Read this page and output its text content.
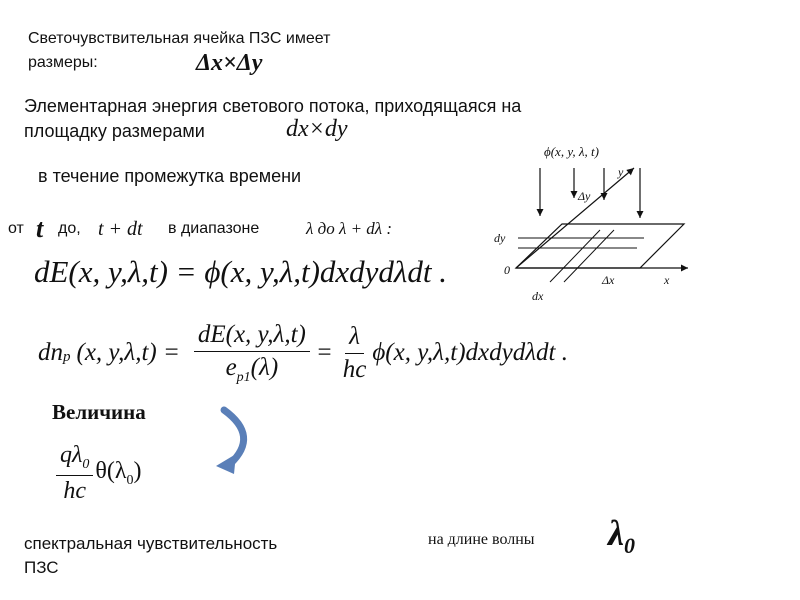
Светочувствительная ячейка ПЗС имеет
размеры:	Δx×Δy
Элементарная энергия светового потока, приходящаяся на
площадку размерами	dx×dy
в течение промежутка времени
от t до, t + dt в диапазоне	λ до λ + dλ :
dE(x, y,λ,t) = ϕ(x, y,λ,t)dxdydλdt .
$dn_p$ (x, $y,\lambda,t) = \frac{dE(x, y,\lambda,t)}{e_{p1}(\lambda)} = \frac{\lambda}{hc} \phi(x$, y,λ,t)dxdydλdt .
Величина
$\frac{q\lambda_0}{hc} \theta(\lambda_0)$
спектральная чувствительность
ПЗС
на длине волны $\lambda_0$
ϕ(x, y, λ, t)
y
Δy
dy
0
Δx	x
dx
